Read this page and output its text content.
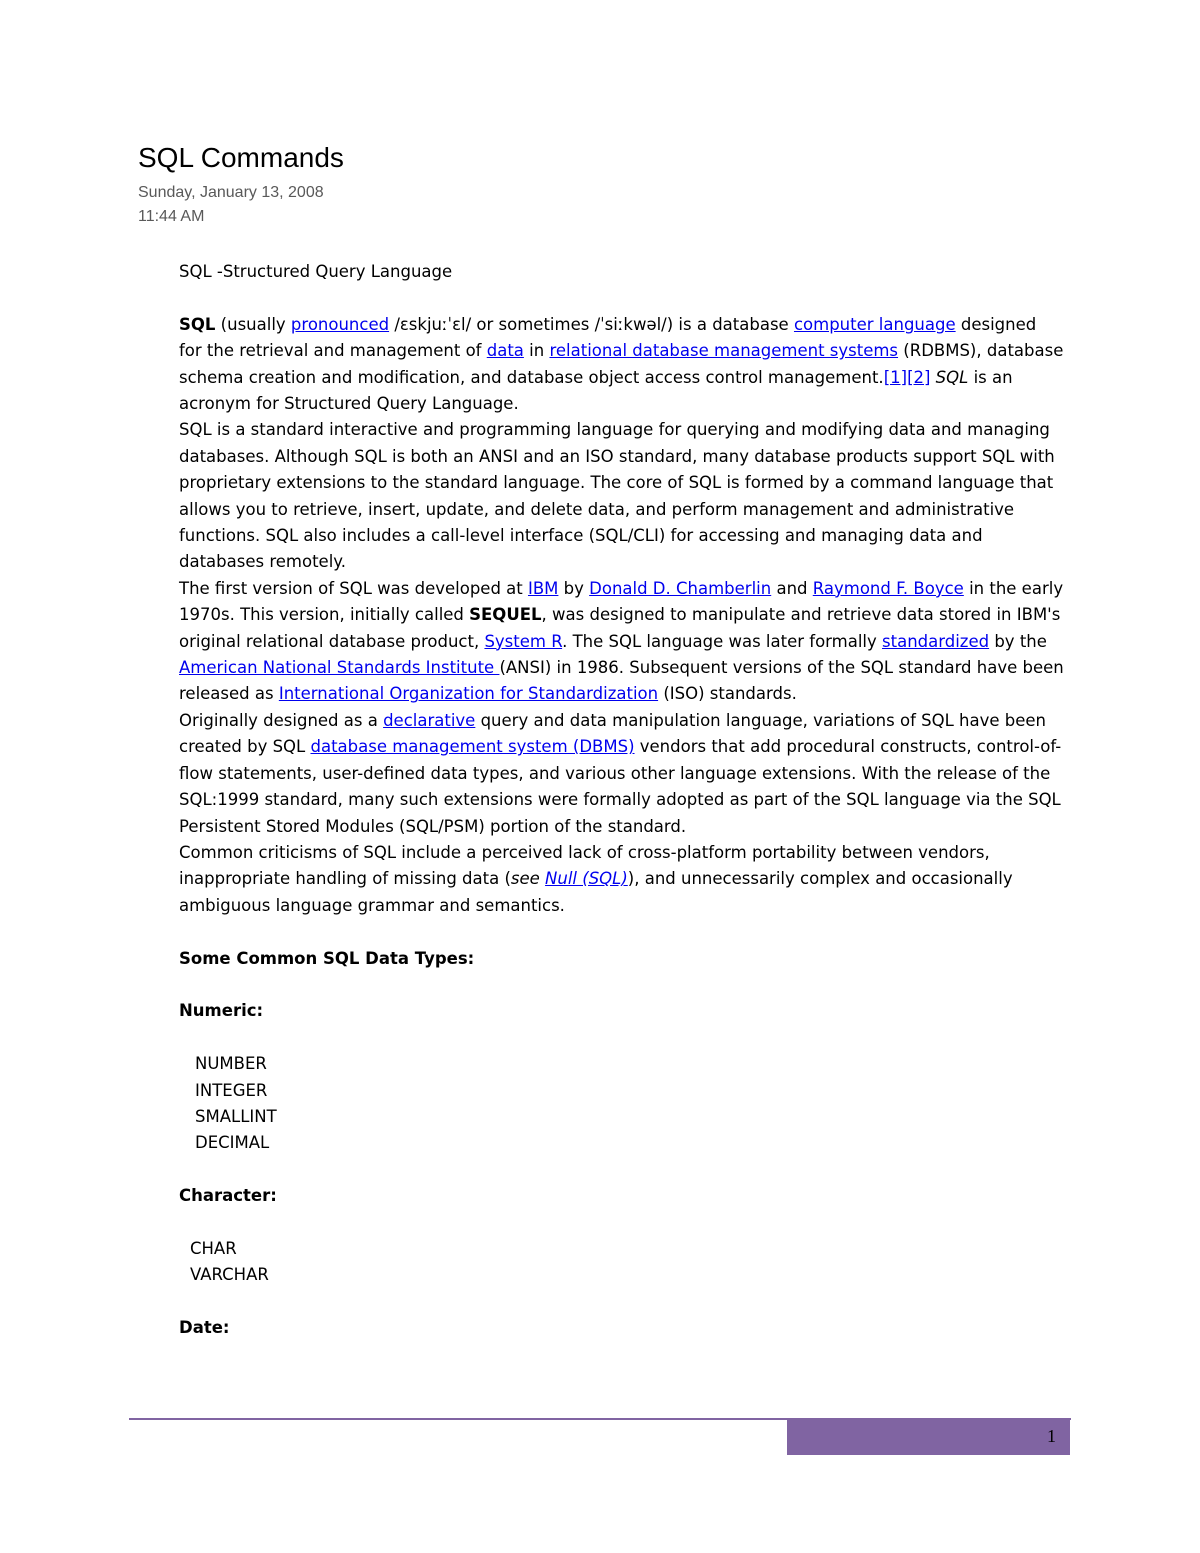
SQL Commands
Sunday, January 13, 2008
11:44 AM

SQL -Structured Query Language

SQL (usually pronounced /ɛskjuːˈɛl/ or sometimes /ˈsiːkwəl/) is a database computer language designed for the retrieval and management of data in relational database management systems (RDBMS), database schema creation and modification, and database object access control management.[1][2] SQL is an acronym for Structured Query Language.

SQL is a standard interactive and programming language for querying and modifying data and managing databases. Although SQL is both an ANSI and an ISO standard, many database products support SQL with proprietary extensions to the standard language. The core of SQL is formed by a command language that allows you to retrieve, insert, update, and delete data, and perform management and administrative functions. SQL also includes a call-level interface (SQL/CLI) for accessing and managing data and databases remotely.

The first version of SQL was developed at IBM by Donald D. Chamberlin and Raymond F. Boyce in the early 1970s. This version, initially called SEQUEL, was designed to manipulate and retrieve data stored in IBM's original relational database product, System R. The SQL language was later formally standardized by the American National Standards Institute (ANSI) in 1986. Subsequent versions of the SQL standard have been released as International Organization for Standardization (ISO) standards.

Originally designed as a declarative query and data manipulation language, variations of SQL have been created by SQL database management system (DBMS) vendors that add procedural constructs, control-of-flow statements, user-defined data types, and various other language extensions. With the release of the SQL:1999 standard, many such extensions were formally adopted as part of the SQL language via the SQL Persistent Stored Modules (SQL/PSM) portion of the standard.

Common criticisms of SQL include a perceived lack of cross-platform portability between vendors, inappropriate handling of missing data (see Null (SQL)), and unnecessarily complex and occasionally ambiguous language grammar and semantics.

Some Common SQL Data Types:

Numeric:

NUMBER

INTEGER

SMALLINT

DECIMAL

Character:

CHAR

VARCHAR

Date:

1
